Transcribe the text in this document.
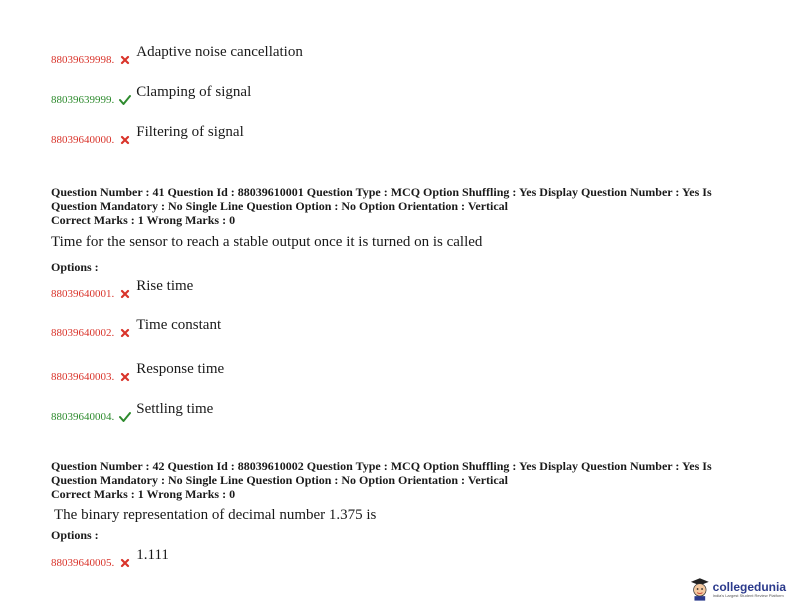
88039639998. Adaptive noise cancellation
88039639999. Clamping of signal
88039640000. Filtering of signal
Question Number : 41 Question Id : 88039610001 Question Type : MCQ Option Shuffling : Yes Display Question Number : Yes Is
Question Mandatory : No Single Line Question Option : No Option Orientation : Vertical
Correct Marks : 1 Wrong Marks : 0
Time for the sensor to reach a stable output once it is turned on is called
Options :
88039640001. Rise time
88039640002. Time constant
88039640003. Response time
88039640004. Settling time
Question Number : 42 Question Id : 88039610002 Question Type : MCQ Option Shuffling : Yes Display Question Number : Yes Is
Question Mandatory : No Single Line Question Option : No Option Orientation : Vertical
Correct Marks : 1 Wrong Marks : 0
The binary representation of decimal number 1.375 is
Options :
88039640005. 1.111
collegedunia
India's Largest Student Review Platform
